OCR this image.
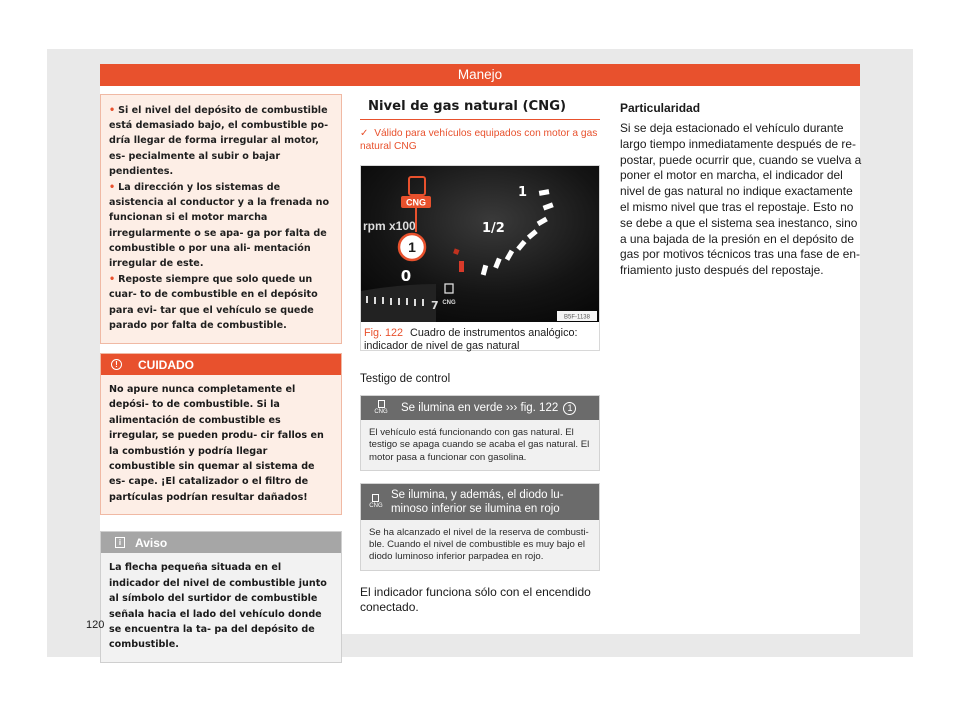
Manejo

• Si el nivel del depósito de combustible está demasiado bajo, el combustible po- dría llegar de forma irregular al motor, es- pecialmente al subir o bajar pendientes.

• La dirección y los sistemas de asistencia al conductor y a la frenada no funcionan si el motor marcha irregularmente o se apa- ga por falta de combustible o por una ali- mentación irregular de este.

• Reposte siempre que solo quede un cuar- to de combustible en el depósito para evi- tar que el vehículo se quede parado por falta de combustible.

!	CUIDADO
No apure nunca completamente el depósi- to de combustible. Si la alimentación de combustible es irregular, se pueden produ- cir fallos en la combustión y podría llegar combustible sin quemar al sistema de es- cape. ¡El catalizador o el filtro de partículas podrían resultar dañados!
i	Aviso
La flecha pequeña situada en el indicador del nivel de combustible junto al símbolo del surtidor de combustible señala hacia el lado del vehículo donde se encuentra la ta- pa del depósito de combustible.
Nivel de gas natural (CNG)
✓ Válido para vehículos equipados con motor a gas natural CNG
rpm x100
CNG
1
0
7
1
1/2
CNG
B5F-1138
Fig. 122 Cuadro de instrumentos analógico: indicador de nivel de gas natural
Testigo de control
CNG	Se ilumina en verde ››› fig. 122 1
El vehículo está funcionando con gas natural. El testigo se apaga cuando se acaba el gas natural. El motor pasa a funcionar con gasolina.
CNG
Se ilumina, y además, el diodo lu- minoso inferior se ilumina en rojo
Se ha alcanzado el nivel de la reserva de combusti- ble. Cuando el nivel de combustible es muy bajo el diodo luminoso inferior parpadea en rojo.
El indicador funciona sólo con el encendido conectado.
Particularidad

Si se deja estacionado el vehículo durante largo tiempo inmediatamente después de re- postar, puede ocurrir que, cuando se vuelva a poner el motor en marcha, el indicador del nivel de gas natural no indique exactamente el mismo nivel que tras el repostaje. Esto no se debe a que el sistema sea inestanco, sino a una bajada de la presión en el depósito de gas por motivos técnicos tras una fase de en- friamiento justo después del repostaje.

120
